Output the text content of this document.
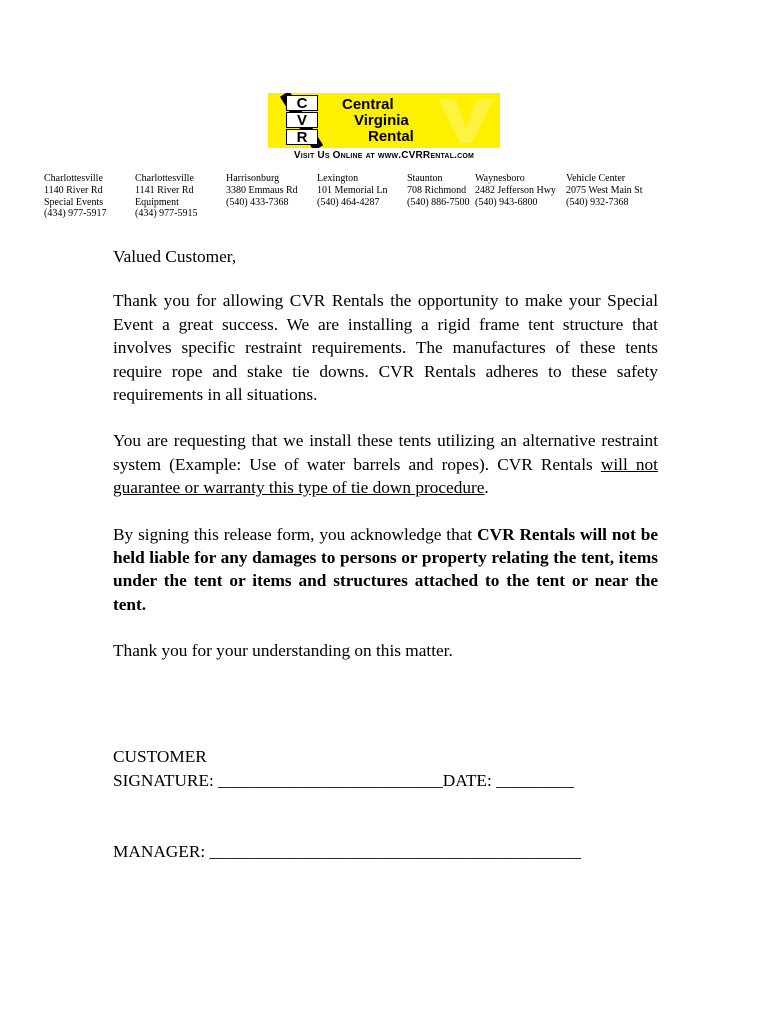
C
V
R
Central
Virginia
Rental
Visit Us Online at www.CVRRental.com
Charlottesville
1140 River Rd
Special Events
(434) 977-5917
Charlottesville
1141 River Rd
Equipment
(434) 977-5915
Harrisonburg
3380 Emmaus Rd
(540) 433-7368
Lexington
101 Memorial Ln
(540) 464-4287
Staunton
708 Richmond
(540) 886-7500
Waynesboro
2482 Jefferson Hwy
(540) 943-6800
Vehicle Center
2075 West Main St
(540) 932-7368

Valued Customer,

Thank you for allowing CVR Rentals the opportunity to make your Special Event a great success. We are installing a rigid frame tent structure that involves specific restraint requirements. The manufactures of these tents require rope and stake tie downs. CVR Rentals adheres to these safety requirements in all situations.

You are requesting that we install these tents utilizing an alternative restraint system (Example: Use of water barrels and ropes). CVR Rentals will not guarantee or warranty this type of tie down procedure.

By signing this release form, you acknowledge that CVR Rentals will not be held liable for any damages to persons or property relating the tent, items under the tent or items and structures attached to the tent or near the tent.

Thank you for your understanding on this matter.

CUSTOMER
SIGNATURE: __________________________DATE: _________
MANAGER: ___________________________________________
